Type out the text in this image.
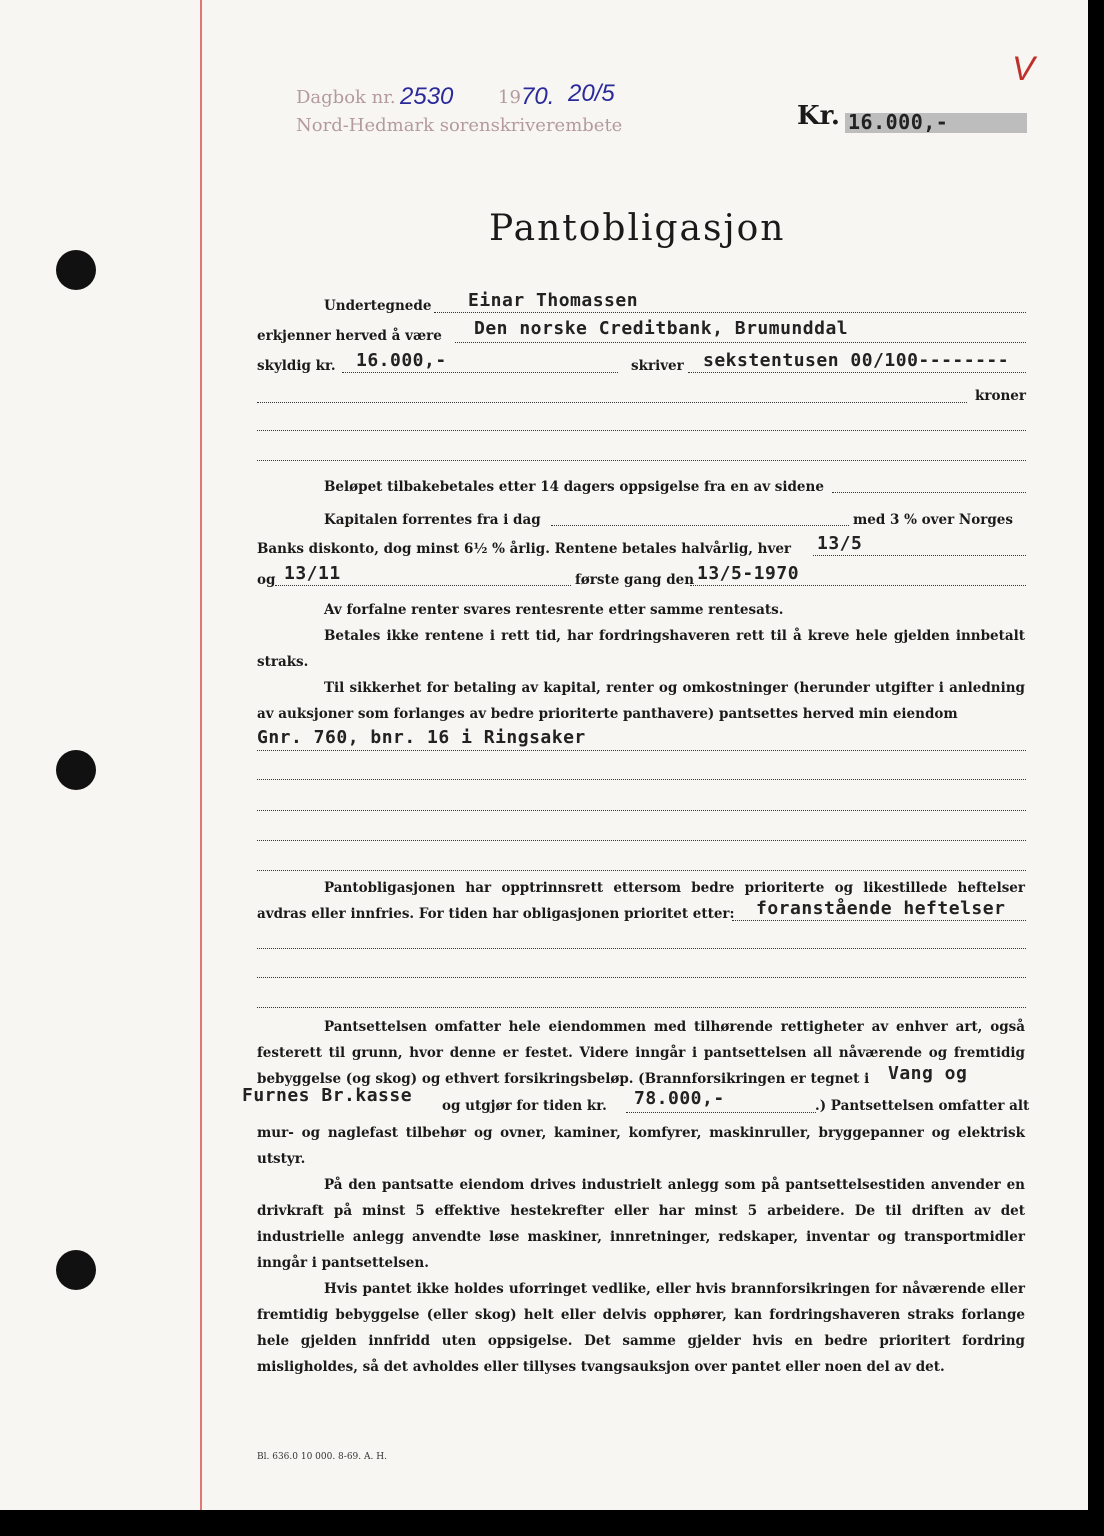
Dagbok nr. 2530 19 70. 20/5
Nord-Hedmark sorenskriverembete
V
Kr. 16.000,-
Pantobligasjon
Undertegnede Einar Thomassen
erkjenner herved å være Den norske Creditbank, Brumunddal
skyldig kr. 16.000,-	skriver sekstentusen 00/100--------
kroner
Beløpet tilbakebetales etter 14 dagers oppsigelse fra en av sidene
Kapitalen forrentes fra i dag	med 3 % over Norges
Banks diskonto, dog minst 6½ % årlig. Rentene betales halvårlig, hver 13/5
og 13/11	første gang den 13/5-1970

Av forfalne renter svares rentesrente etter samme rentesats.

Betales ikke rentene i rett tid, har fordringshaveren rett til å kreve hele gjelden innbetalt straks.

Til sikkerhet for betaling av kapital, renter og omkostninger (herunder utgifter i anledning av auksjoner som forlanges av bedre prioriterte panthavere) pantsettes herved min eiendom

Gnr. 760, bnr. 16 i Ringsaker

Pantobligasjonen har opptrinnsrett ettersom bedre prioriterte og likestillede heftelser avdras eller innfries. For tiden har obligasjonen prioritet etter:	foranstående heftelser

Pantsettelsen omfatter hele eiendommen med tilhørende rettigheter av enhver art, også festerett til grunn, hvor denne er festet. Videre inngår i pantsettelsen all nåværende og fremtidig bebyggelse (og skog) og ethvert forsikringsbeløp. (Brannforsikringen er tegnet i	Vang og
Furnes Br.kasse og utgjør for tiden kr. 78.000,-	.) Pantsettelsen omfatter alt

mur- og naglefast tilbehør og ovner, kaminer, komfyrer, maskinruller, bryggepanner og elektrisk utstyr.

På den pantsatte eiendom drives industrielt anlegg som på pantsettelsestiden anvender en drivkraft på minst 5 effektive hestekrefter eller har minst 5 arbeidere. De til driften av det industrielle anlegg anvendte løse maskiner, innretninger, redskaper, inventar og transportmidler inngår i pantsettelsen.

Hvis pantet ikke holdes uforringet vedlike, eller hvis brannforsikringen for nåværende eller fremtidig bebyggelse (eller skog) helt eller delvis opphører, kan fordringshaveren straks forlange hele gjelden innfridd uten oppsigelse. Det samme gjelder hvis en bedre prioritert fordring misligholdes, så det avholdes eller tillyses tvangsauksjon over pantet eller noen del av det.

Bl. 636.0 10 000. 8-69. A. H.
